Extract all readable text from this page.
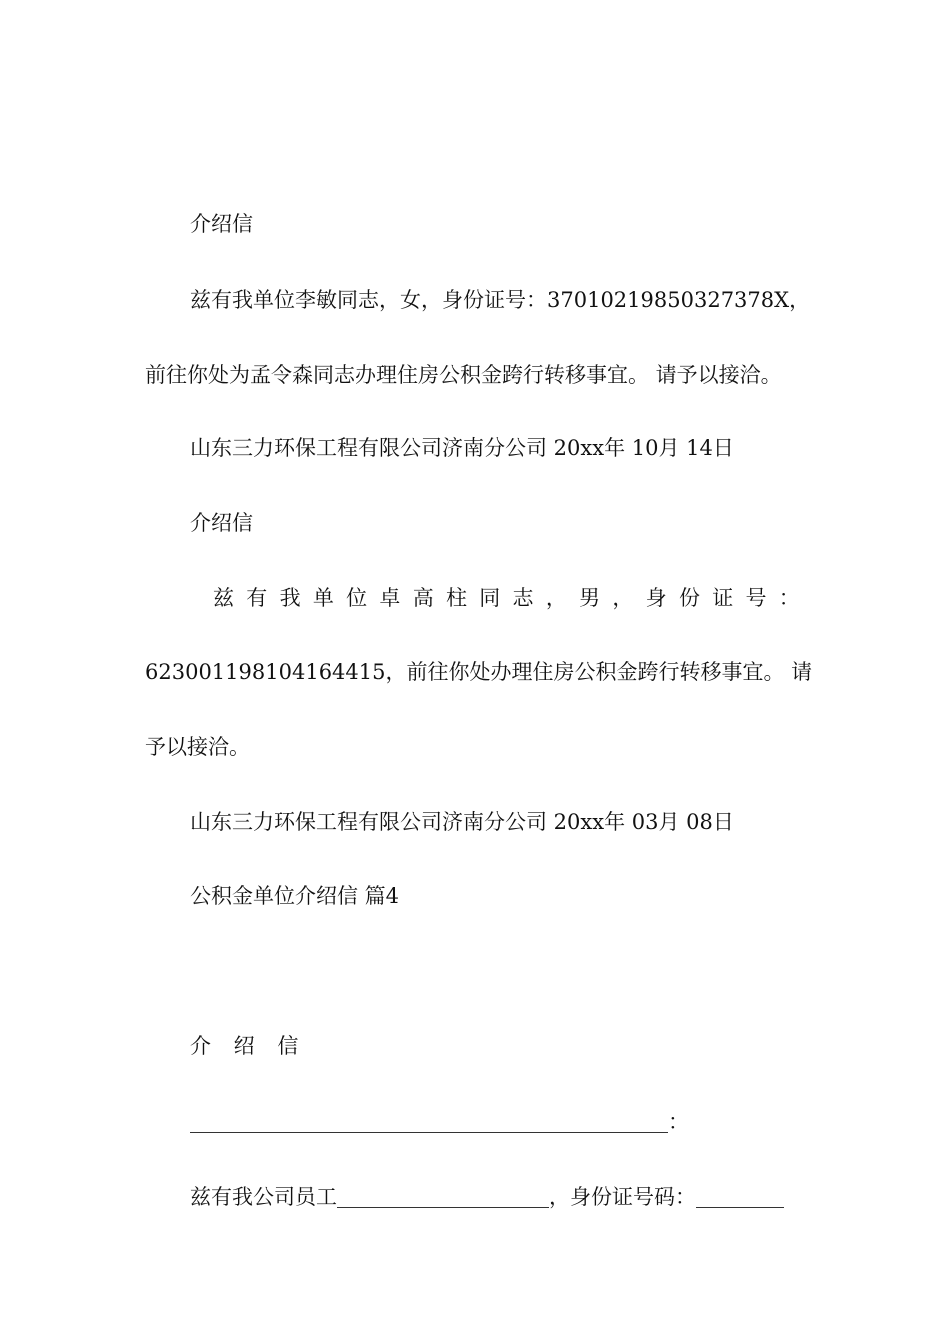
介绍信
兹有我单位李敏同志，女，身份证号：37010219850327378X，
前往你处为孟令森同志办理住房公积金跨行转移事宜。 请予以接洽。
山东三力环保工程有限公司济南分公司 20xx年 10月 14日
介绍信
兹 有 我 单 位 卓 高 柱 同 志 ， 男 ， 身 份 证 号 ：
623001198104164415，前往你处办理住房公积金跨行转移事宜。 请
予以接洽。
山东三力环保工程有限公司济南分公司 20xx年 03月 08日
公积金单位介绍信 篇4
介 绍 信
：
兹有我公司员工	，身份证号码：
